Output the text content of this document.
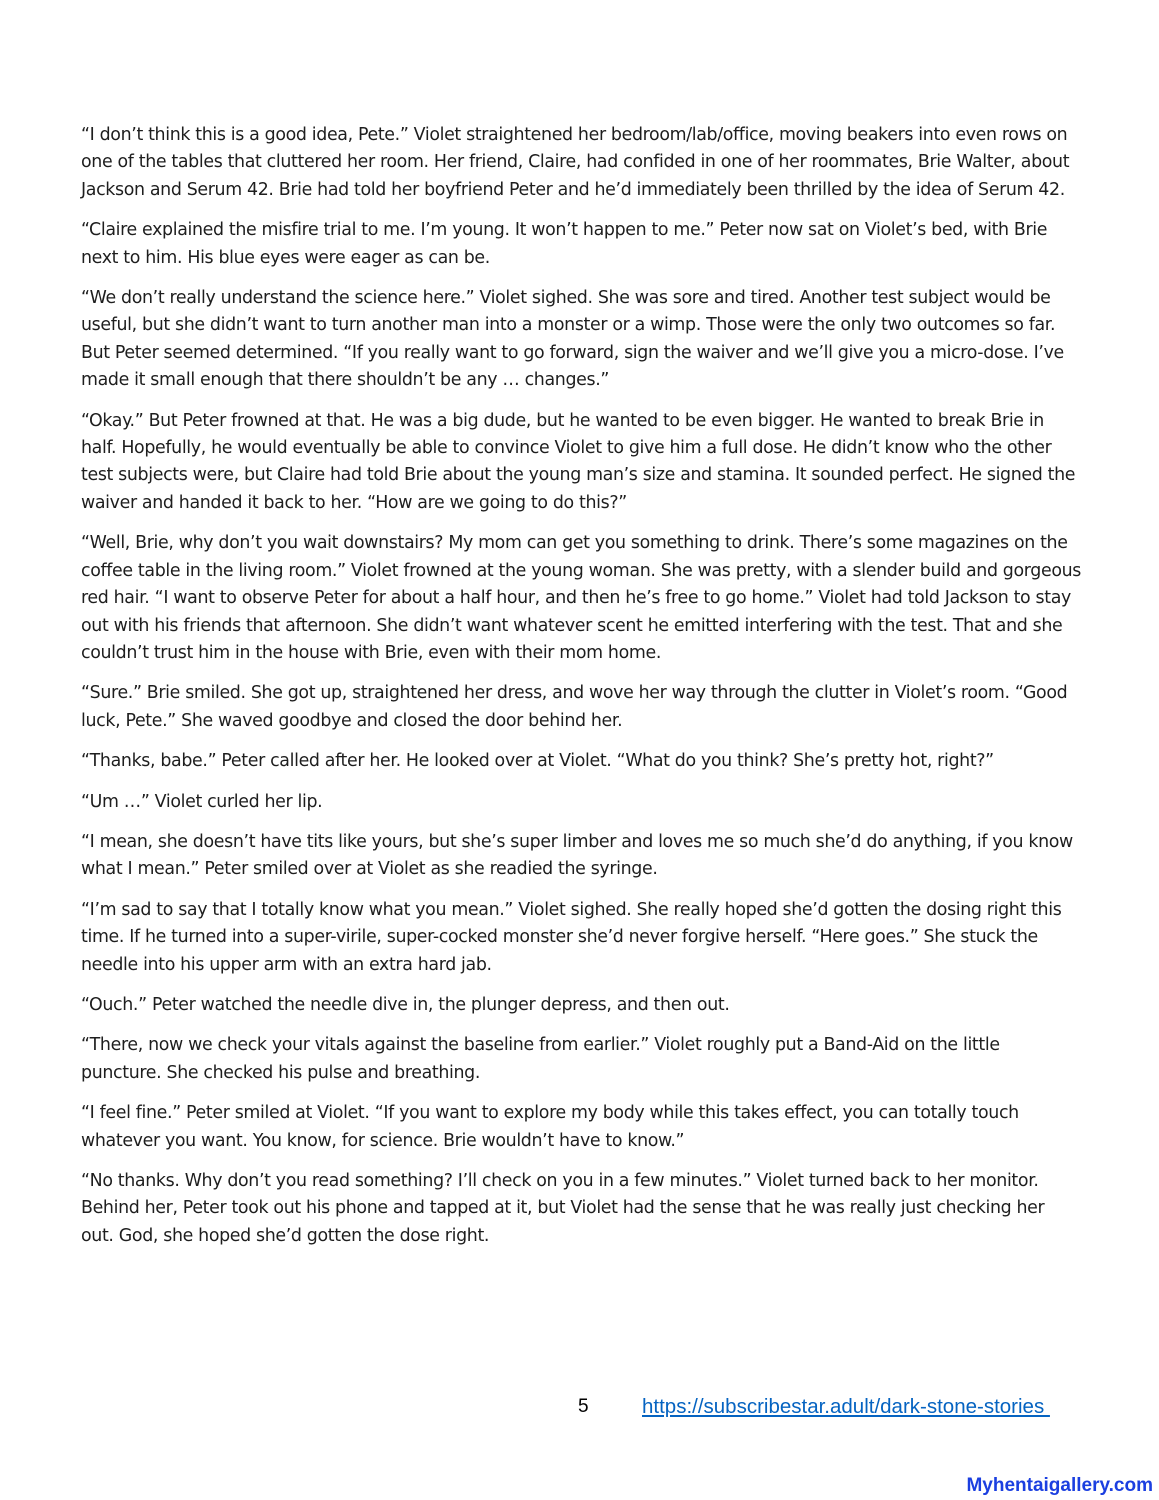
“I don’t think this is a good idea, Pete.” Violet straightened her bedroom/lab/office, moving beakers into even rows on one of the tables that cluttered her room. Her friend, Claire, had confided in one of her roommates, Brie Walter, about Jackson and Serum 42. Brie had told her boyfriend Peter and he’d immediately been thrilled by the idea of Serum 42.

“Claire explained the misfire trial to me. I’m young. It won’t happen to me.” Peter now sat on Violet’s bed, with Brie next to him. His blue eyes were eager as can be.

“We don’t really understand the science here.” Violet sighed. She was sore and tired. Another test subject would be useful, but she didn’t want to turn another man into a monster or a wimp. Those were the only two outcomes so far. But Peter seemed determined. “If you really want to go forward, sign the waiver and we’ll give you a micro-dose. I’ve made it small enough that there shouldn’t be any … changes.”

“Okay.” But Peter frowned at that. He was a big dude, but he wanted to be even bigger. He wanted to break Brie in half. Hopefully, he would eventually be able to convince Violet to give him a full dose. He didn’t know who the other test subjects were, but Claire had told Brie about the young man’s size and stamina. It sounded perfect. He signed the waiver and handed it back to her. “How are we going to do this?”

“Well, Brie, why don’t you wait downstairs? My mom can get you something to drink. There’s some magazines on the coffee table in the living room.” Violet frowned at the young woman. She was pretty, with a slender build and gorgeous red hair. “I want to observe Peter for about a half hour, and then he’s free to go home.” Violet had told Jackson to stay out with his friends that afternoon. She didn’t want whatever scent he emitted interfering with the test. That and she couldn’t trust him in the house with Brie, even with their mom home.

“Sure.” Brie smiled. She got up, straightened her dress, and wove her way through the clutter in Violet’s room. “Good luck, Pete.” She waved goodbye and closed the door behind her.

“Thanks, babe.” Peter called after her. He looked over at Violet. “What do you think? She’s pretty hot, right?”

“Um …” Violet curled her lip.

“I mean, she doesn’t have tits like yours, but she’s super limber and loves me so much she’d do anything, if you know what I mean.” Peter smiled over at Violet as she readied the syringe.

“I’m sad to say that I totally know what you mean.” Violet sighed. She really hoped she’d gotten the dosing right this time. If he turned into a super-virile, super-cocked monster she’d never forgive herself. “Here goes.” She stuck the needle into his upper arm with an extra hard jab.

“Ouch.” Peter watched the needle dive in, the plunger depress, and then out.

“There, now we check your vitals against the baseline from earlier.” Violet roughly put a Band-Aid on the little puncture. She checked his pulse and breathing.

“I feel fine.” Peter smiled at Violet. “If you want to explore my body while this takes effect, you can totally touch whatever you want. You know, for science. Brie wouldn’t have to know.”

“No thanks. Why don’t you read something? I’ll check on you in a few minutes.” Violet turned back to her monitor. Behind her, Peter took out his phone and tapped at it, but Violet had the sense that he was really just checking her out. God, she hoped she’d gotten the dose right.

5	https://subscribestar.adult/dark-stone-stories
Myhentaigallery.com
